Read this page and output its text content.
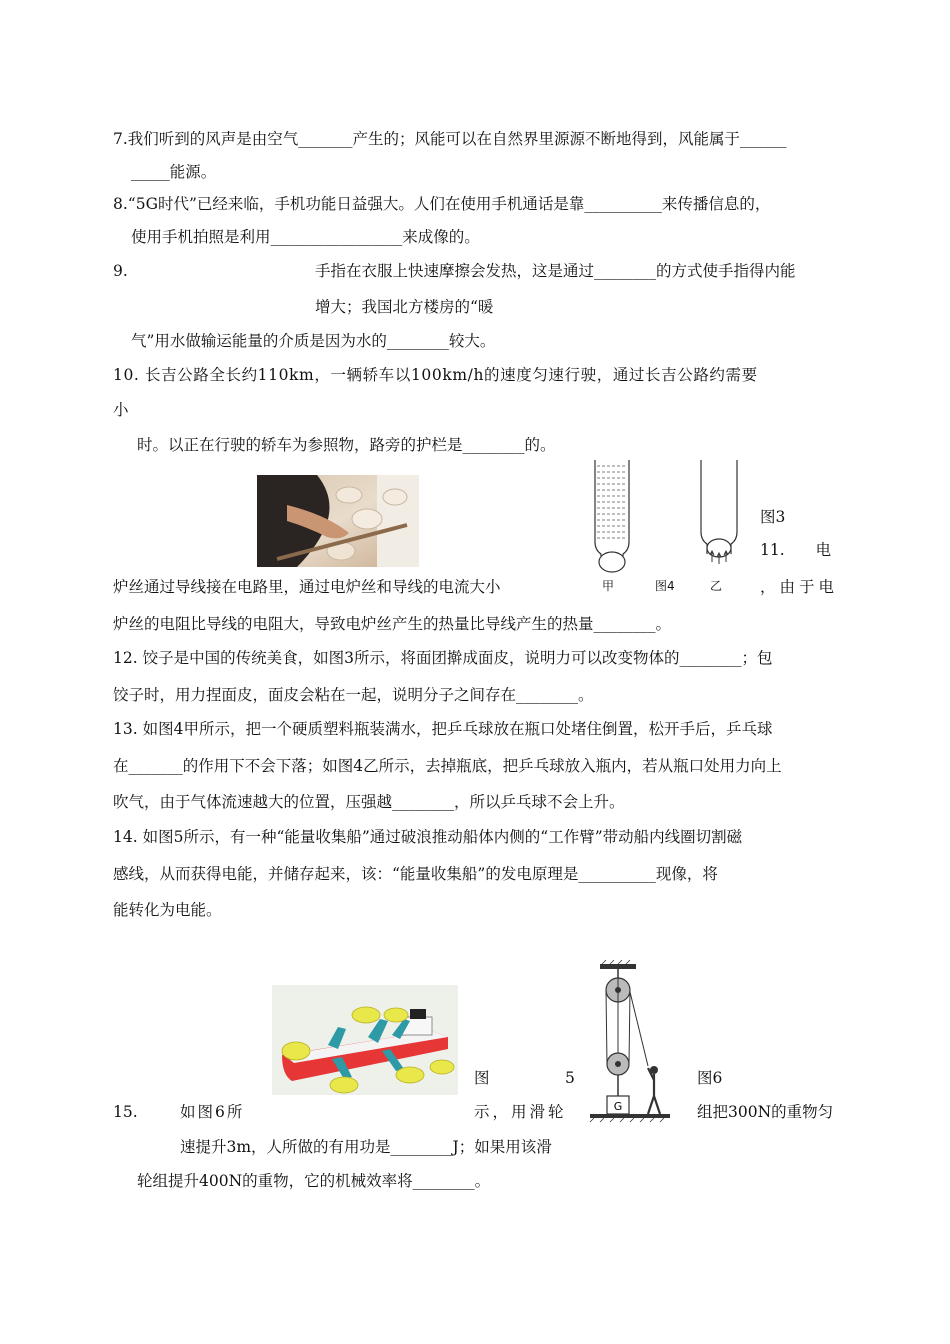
7.我们听到的风声是由空气_______产生的；风能可以在自然界里源源不断地得到，风能属于______
_____能源。
8.“5G时代”已经来临，手机功能日益强大。人们在使用手机通话是靠__________来传播信息的，
使用手机拍照是利用_________________来成像的。
9.	手指在衣服上快速摩擦会发热，这是通过________的方式使手指得内能
增大；我国北方楼房的“暖
气”用水做输运能量的介质是因为水的________较大。
10. 长吉公路全长约110km，一辆轿车以100km/h的速度匀速行驶，通过长吉公路约需要
小
时。以正在行驶的轿车为参照物，路旁的护栏是________的。
甲	图4	乙
图3
11.　　电
炉丝通过导线接在电路里，通过电炉丝和导线的电流大小	，由于电
炉丝的电阻比导线的电阻大，导致电炉丝产生的热量比导线产生的热量________。
12. 饺子是中国的传统美食，如图3所示，将面团擀成面皮，说明力可以改变物体的________；包
饺子时，用力捏面皮，面皮会粘在一起，说明分子之间存在________。
13. 如图4甲所示，把一个硬质塑料瓶装满水，把乒乓球放在瓶口处堵住倒置，松开手后，乒乓球
在_______的作用下不会下落；如图4乙所示，去掉瓶底，把乒乓球放入瓶内，若从瓶口处用力向上
吹气，由于气体流速越大的位置，压强越________，所以乒乓球不会上升。
14. 如图5所示，有一种“能量收集船”通过破浪推动船体内侧的“工作臂”带动船内线圈切割磁
感线，从而获得电能，并储存起来，该：“能量收集船”的发电原理是__________现像，将
能转化为电能。
图	5
G
图6
15.	如图6所	示，用滑轮	组把300N的重物匀
速提升3m，人所做的有用功是________J；如果用该滑
轮组提升400N的重物，它的机械效率将________。
